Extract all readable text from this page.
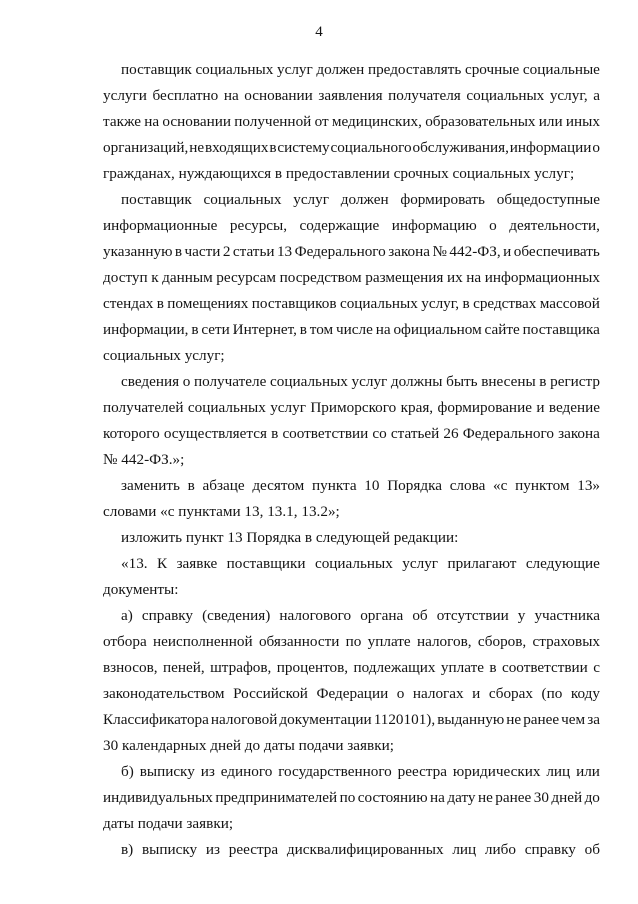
4
поставщик социальных услуг должен предоставлять срочные социальные
услуги бесплатно на основании заявления получателя социальных услуг, а
также на основании полученной от медицинских, образовательных или иных
организаций, не входящих в систему социального обслуживания, информации о
гражданах, нуждающихся в предоставлении срочных социальных услуг;
поставщик социальных услуг должен формировать общедоступные
информационные ресурсы, содержащие информацию о деятельности,
указанную в части 2 статьи 13 Федерального закона № 442-ФЗ, и обеспечивать
доступ к данным ресурсам посредством размещения их на информационных
стендах в помещениях поставщиков социальных услуг, в средствах массовой
информации, в сети Интернет, в том числе на официальном сайте поставщика
социальных услуг;
сведения о получателе социальных услуг должны быть внесены в регистр
получателей социальных услуг Приморского края, формирование и ведение
которого осуществляется в соответствии со статьей 26 Федерального закона
№ 442-ФЗ.»;
заменить в абзаце десятом пункта 10 Порядка слова «с пунктом 13»
словами «с пунктами 13, 13.1, 13.2»;
изложить пункт 13 Порядка в следующей редакции:
«13. К заявке поставщики социальных услуг прилагают следующие
документы:
а) справку (сведения) налогового органа об отсутствии у участника
отбора неисполненной обязанности по уплате налогов, сборов, страховых
взносов, пеней, штрафов, процентов, подлежащих уплате в соответствии с
законодательством Российской Федерации о налогах и сборах (по коду
Классификатора налоговой документации 1120101), выданную не ранее чем за
30 календарных дней до даты подачи заявки;
б) выписку из единого государственного реестра юридических лиц или
индивидуальных предпринимателей по состоянию на дату не ранее 30 дней до
даты подачи заявки;
в) выписку из реестра дисквалифицированных лиц либо справку об
